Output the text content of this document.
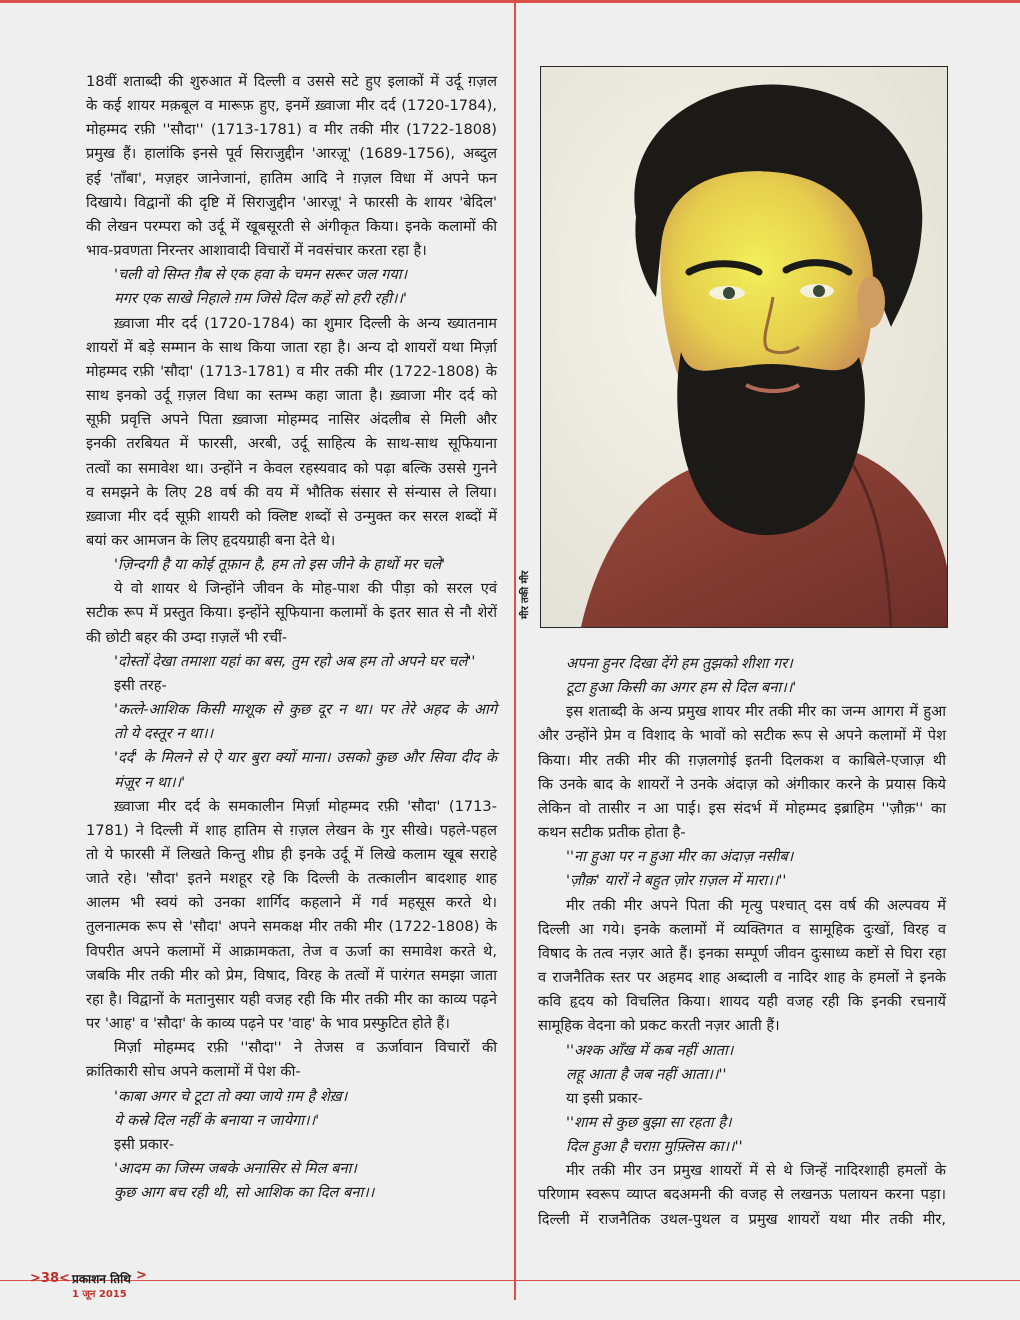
18वीं शताब्दी की शुरुआत में दिल्ली व उससे सटे हुए इलाकों में उर्दू ग़ज़ल

के कई शायर मक़बूल व मारूफ़ हुए, इनमें ख़्वाजा मीर दर्द (1720-1784),

मोहम्मद रफ़ी ''सौदा'' (1713-1781) व मीर तकी मीर (1722-1808)

प्रमुख हैं। हालांकि इनसे पूर्व सिराजुद्दीन 'आरज़ू' (1689-1756), अब्दुल

हई 'ताँबा', मज़हर जानेजानां, हातिम आदि ने ग़ज़ल विधा में अपने फन

दिखाये। विद्वानों की दृष्टि में सिराजुद्दीन 'आरज़ू' ने फारसी के शायर 'बेदिल'

की लेखन परम्परा को उर्दू में खूबसूरती से अंगीकृत किया। इनके कलामों की

भाव-प्रवणता निरन्तर आशावादी विचारों में नवसंचार करता रहा है।

'चली वो सिम्त ग़ैब से एक हवा के चमन सरूर जल गया।

मगर एक साखे निहाले ग़म जिसे दिल कहें सो हरी रही।।'

ख़्वाजा मीर दर्द (1720-1784) का शुमार दिल्ली के अन्य ख्यातनाम

शायरों में बड़े सम्मान के साथ किया जाता रहा है। अन्य दो शायरों यथा मिर्ज़ा

मोहम्मद रफ़ी 'सौदा' (1713-1781) व मीर तकी मीर (1722-1808) के

साथ इनको उर्दू ग़ज़ल विधा का स्तम्भ कहा जाता है। ख़्वाजा मीर दर्द को

सूफ़ी प्रवृत्ति अपने पिता ख़्वाजा मोहम्मद नासिर अंदलीब से मिली और

इनकी तरबियत में फारसी, अरबी, उर्दू साहित्य के साथ-साथ सूफियाना

तत्वों का समावेश था। उन्होंने न केवल रहस्यवाद को पढ़ा बल्कि उससे गुनने

व समझने के लिए 28 वर्ष की वय में भौतिक संसार से संन्यास ले लिया।

ख़्वाजा मीर दर्द सूफ़ी शायरी को क्लिष्ट शब्दों से उन्मुक्त कर सरल शब्दों में

बयां कर आमजन के लिए हृदयग्राही बना देते थे।

'ज़िन्दगी है या कोई तूफ़ान है, हम तो इस जीने के हाथों मर चले'

ये वो शायर थे जिन्होंने जीवन के मोह-पाश की पीड़ा को सरल एवं

सटीक रूप में प्रस्तुत किया। इन्होंने सूफियाना कलामों के इतर सात से नौ शेरों

की छोटी बहर की उम्दा ग़ज़लें भी रचीं-

'दोस्तों देखा तमाशा यहां का बस, तुम रहो अब हम तो अपने घर चले''

इसी तरह-

'कत्ले-आशिक किसी माशूक से कुछ दूर न था। पर तेरे अहद के आगे

तो ये दस्तूर न था।।

'दर्द' के मिलने से ऐ यार बुरा क्यों माना। उसको कुछ और सिवा दीद के

मंज़ूर न था।।'

ख़्वाजा मीर दर्द के समकालीन मिर्ज़ा मोहम्मद रफ़ी 'सौदा' (1713-

1781) ने दिल्ली में शाह हातिम से ग़ज़ल लेखन के गुर सीखे। पहले-पहल

तो ये फारसी में लिखते किन्तु शीघ्र ही इनके उर्दू में लिखे कलाम खूब सराहे

जाते रहे। 'सौदा' इतने मशहूर रहे कि दिल्ली के तत्कालीन बादशाह शाह

आलम भी स्वयं को उनका शार्गिद कहलाने में गर्व महसूस करते थे।

तुलनात्मक रूप से 'सौदा' अपने समकक्ष मीर तकी मीर (1722-1808) के

विपरीत अपने कलामों में आक्रामकता, तेज व ऊर्जा का समावेश करते थे,

जबकि मीर तकी मीर को प्रेम, विषाद, विरह के तत्वों में पारंगत समझा जाता

रहा है। विद्वानों के मतानुसार यही वजह रही कि मीर तकी मीर का काव्य पढ़ने

पर 'आह' व 'सौदा' के काव्य पढ़ने पर 'वाह' के भाव प्रस्फुटित होते हैं।

मिर्ज़ा मोहम्मद रफ़ी ''सौदा'' ने तेजस व ऊर्जावान विचारों की

क्रांतिकारी सोच अपने कलामों में पेश की-

'काबा अगर चे टूटा तो क्या जाये ग़म है शेख़।

ये कस्रे दिल नहीं के बनाया न जायेगा।।'

इसी प्रकार-

'आदम का जिस्म जबके अनासिर से मिल बना।

कुछ आग बच रही थी, सो आशिक का दिल बना।।

मीर तकी मीर

अपना हुनर दिखा देंगे हम तुझको शीशा गर।

टूटा हुआ किसी का अगर हम से दिल बना।।'

इस शताब्दी के अन्य प्रमुख शायर मीर तकी मीर का जन्म आगरा में हुआ

और उन्होंने प्रेम व विशाद के भावों को सटीक रूप से अपने कलामों में पेश

किया। मीर तकी मीर की ग़ज़लगोई इतनी दिलकश व काबिले-एजाज़ थी

कि उनके बाद के शायरों ने उनके अंदाज़ को अंगीकार करने के प्रयास किये

लेकिन वो तासीर न आ पाई। इस संदर्भ में मोहम्मद इब्राहिम ''ज़ौक़'' का

कथन सटीक प्रतीक होता है-

''ना हुआ पर न हुआ मीर का अंदाज़ नसीब।

'ज़ौक़' यारों ने बहुत ज़ोर ग़ज़ल में मारा।।''

मीर तकी मीर अपने पिता की मृत्यु पश्चात् दस वर्ष की अल्पवय में

दिल्ली आ गये। इनके कलामों में व्यक्तिगत व सामूहिक दुःखों, विरह व

विषाद के तत्व नज़र आते हैं। इनका सम्पूर्ण जीवन दुःसाध्य कष्टों से घिरा रहा

व राजनैतिक स्तर पर अहमद शाह अब्दाली व नादिर शाह के हमलों ने इनके

कवि हृदय को विचलित किया। शायद यही वजह रही कि इनकी रचनायें

सामूहिक वेदना को प्रकट करती नज़र आती हैं।

''अश्क आँख में कब नहीं आता।

लहू आता है जब नहीं आता।।''

या इसी प्रकार-

''शाम से कुछ बुझा सा रहता है।

दिल हुआ है चराग़ मुफ़्लिस का।।''

मीर तकी मीर उन प्रमुख शायरों में से थे जिन्हें नादिरशाही हमलों के

परिणाम स्वरूप व्याप्त बदअमनी की वजह से लखनऊ पलायन करना पड़ा।

दिल्ली में राजनैतिक उथल-पुथल व प्रमुख शायरों यथा मीर तकी मीर,

>38< प्रकाशन तिथि
1 जून 2015
>
